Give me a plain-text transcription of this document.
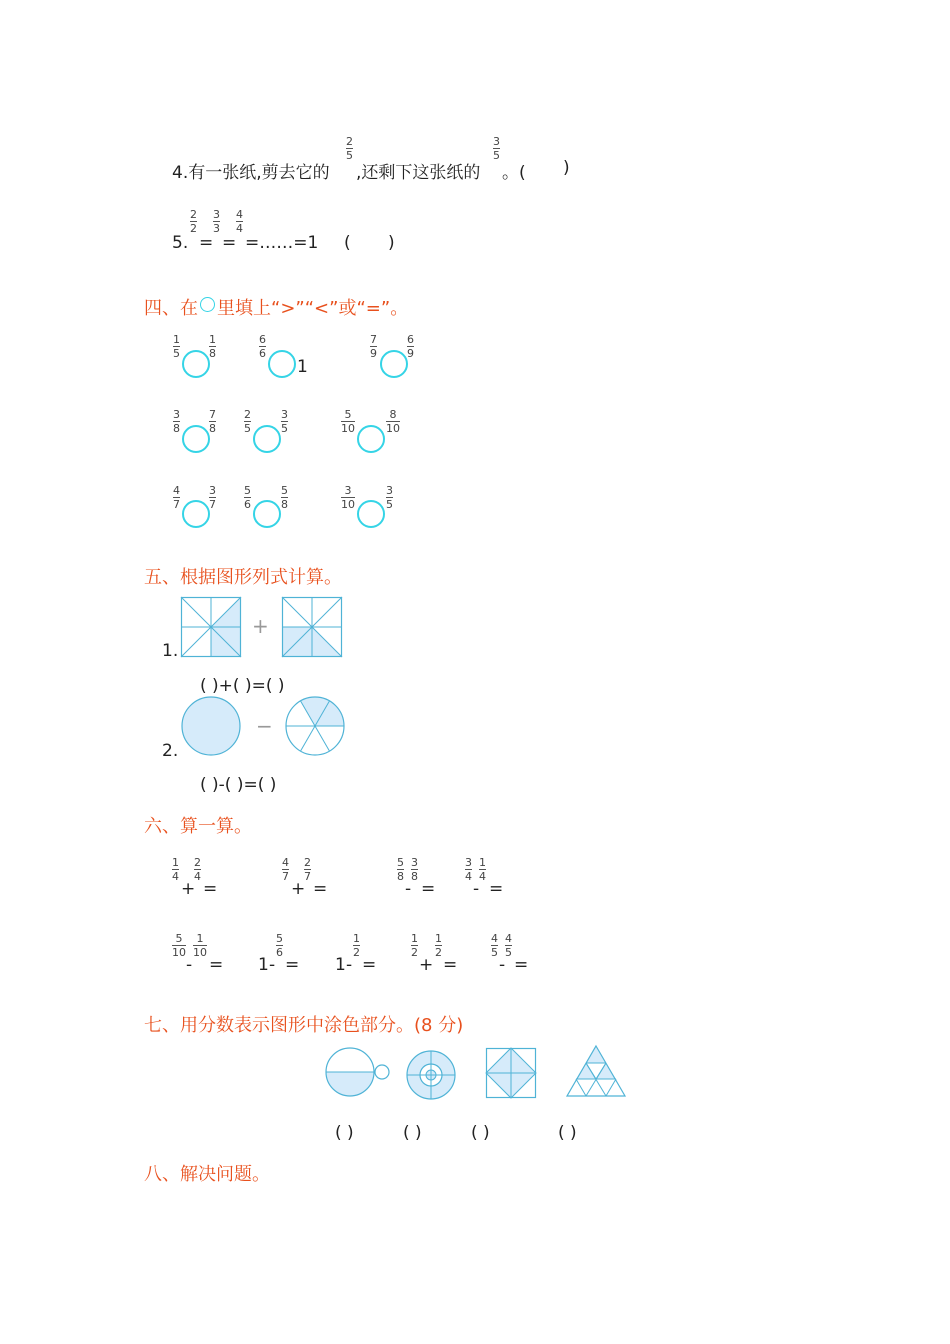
4.有一张纸,剪去它的
2
5
,还剩下这张纸的
3
5
。( )
5.
2
2
=
3
3
=
4
4
=……=1 ( )
四、在 里填上“>”“<”或“=”。
1
5
1
8
6
6
1
7
9
6
9
3
8
7
8
2
5
3
5
5
10
8
10
4
7
3
7
5
6
5
8
3
10
3
5
五、根据图形列式计算。
1.
+
( )+( )=( )
2.
−
( )-( )=( )
六、算一算。
1
4
+
2
4
=
4
7
+
2
7
=
5
8
-
3
8
=
3
4
-
1
4
=
5
10
-
1
10
= 1 -
5
6
= 1 -
1
2
=
1
2
+
1
2
=
4
5
-
4
5
=
七、用分数表示图形中涂色部分。(8 分)
( )	( )	( )	( )
八、解决问题。
